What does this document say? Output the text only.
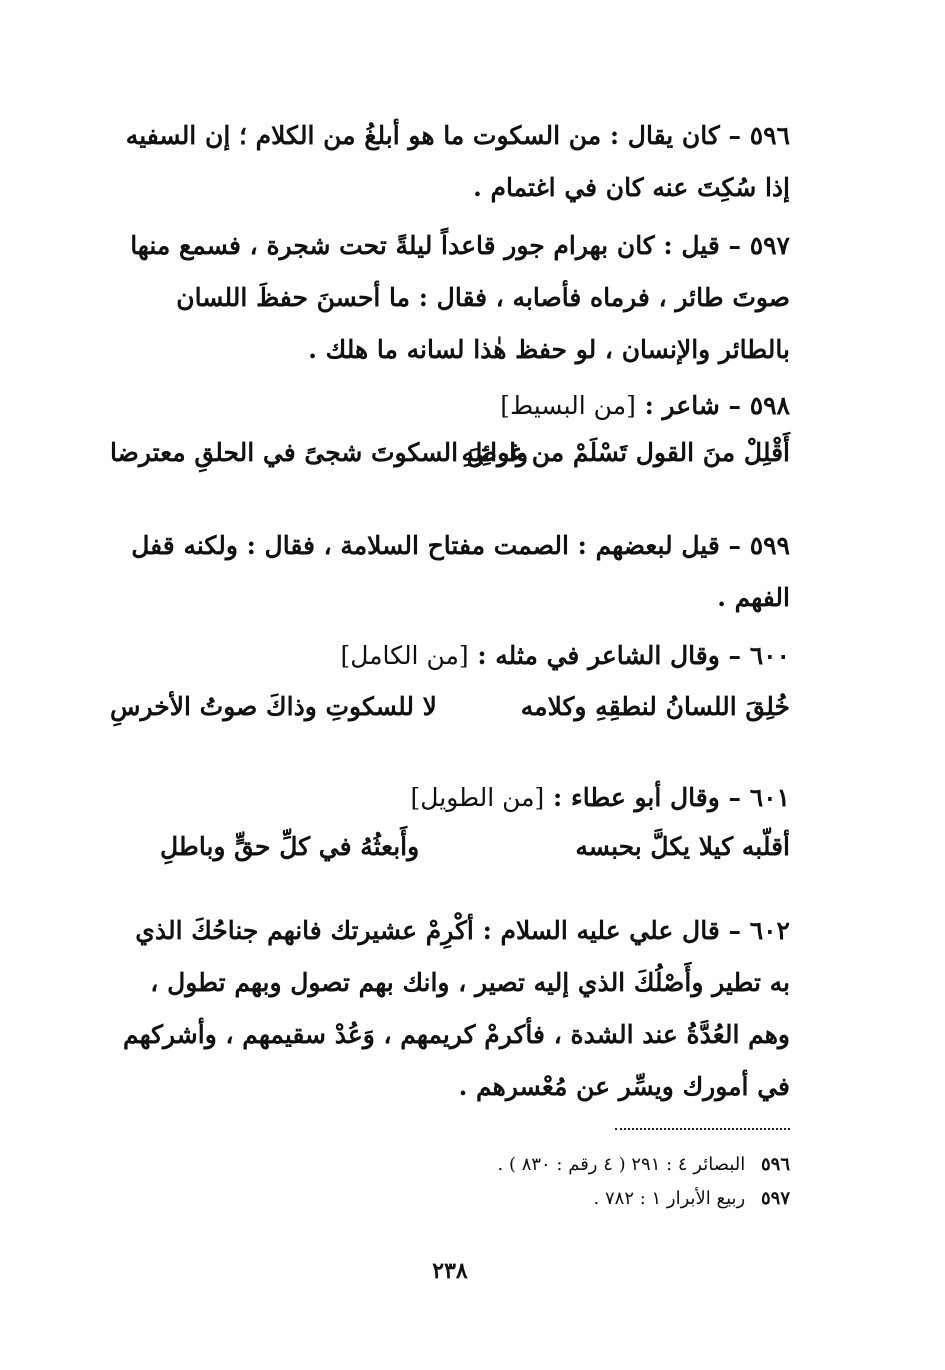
٥٩٦ – كان يقال : من السكوت ما هو أبلغُ من الكلام ؛ إن السفيه إذا سُكِتَ عنه كان في اغتمام .
٥٩٧ – قيل : كان بهرام جور قاعداً ليلةً تحت شجرة ، فسمع منها صوتَ طائر ، فرماه فأصابه ، فقال : ما أحسنَ حفظَ اللسان بالطائر والإنسان ، لو حفظ هٰذا لسانه ما هلك .
٥٩٨ – شاعر : [من البسيط]
أَقْلِلْ منَ القول تَسْلَمْ من غوائِلِهِ
وارضَ السكوتَ شجىً في الحلقِ معترضا
٥٩٩ – قيل لبعضهم : الصمت مفتاح السلامة ، فقال : ولكنه قفل الفهم .
٦٠٠ – وقال الشاعر في مثله : [من الكامل]
خُلِقَ اللسانُ لنطقِهِ وكلامه
لا للسكوتِ وذاكَ صوتُ الأخرسِ
٦٠١ – وقال أبو عطاء : [من الطويل]
أقلّبه كيلا يكلَّ بحبسه
وأَبعثُهُ في كلِّ حقٍّ وباطلِ
٦٠٢ – قال علي عليه السلام : أكْرِمْ عشيرتك فانهم جناحُكَ الذي به تطير وأَصْلُكَ الذي إليه تصير ، وانك بهم تصول وبهم تطول ، وهم العُدَّةُ عند الشدة ، فأكرمْ كريمهم ، وَعُدْ سقيمهم ، وأشركهم في أمورك ويسِّر عن مُعْسرهم .
٥٩٦ البصائر ٤ : ٢٩١ ( ٤ رقم : ٨٣٠ ) .
٥٩٧ ربيع الأبرار ١ : ٧٨٢ .
٢٣٨
